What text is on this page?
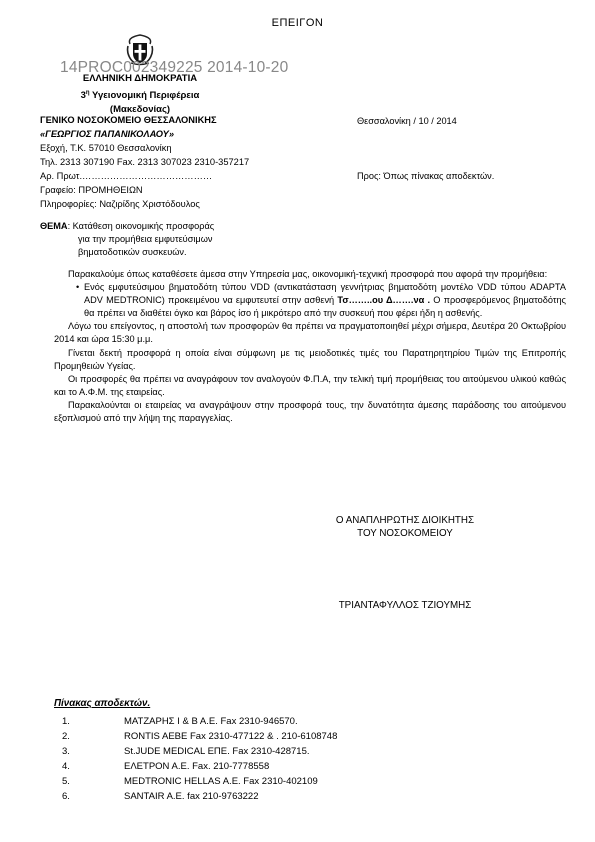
ΕΠΕΙΓΟΝ
14PROC002349225 2014-10-20
ΕΛΛΗΝΙΚΗ ΔΗΜΟΚΡΑΤΙΑ
$3^\eta$ Υγειονομική Περιφέρεια
(Μακεδονίας)
ΓΕΝΙΚΟ ΝΟΣΟΚΟΜΕΙΟ ΘΕΣΣΑΛΟΝΙΚΗΣ
«ΓΕΩΡΓΙΟΣ ΠΑΠΑΝΙΚΟΛΑΟΥ»
Εξοχή, Τ.Κ. 57010 Θεσσαλονίκη
Τηλ. 2313 307190 Fax. 2313 307023 2310-357217
Αρ. Πρωτ.……………………………………
Γραφείο: ΠΡΟΜΗΘΕΙΩΝ
Πληροφορίες: Ναζιρίδης Χριστόδουλος
Θεσσαλονίκη / 10 / 2014
Προς: Όπως πίνακας αποδεκτών.
ΘΕΜΑ: Κατάθεση οικονομικής προσφοράς
για την προμήθεια εμφυτεύσιμων
βηματοδοτικών συσκευών.

Παρακαλούμε όπως καταθέσετε άμεσα στην Υπηρεσία μας, οικονομική-τεχνική προσφορά που αφορά την προμήθεια:

• Ενός εμφυτεύσιμου βηματοδότη τύπου VDD (αντικατάσταση γεννήτριας βηματοδότη μοντέλο VDD τύπου ADAPTA ADV MEDTRONIC) προκειμένου να εμφυτευτεί στην ασθενή Τσ……..ου Δ…….να . Ο προσφερόμενος βηματοδότης θα πρέπει να διαθέτει όγκο και βάρος ίσο ή μικρότερο από την συσκευή που φέρει ήδη η ασθενής.

Λόγω του επείγοντος, η αποστολή των προσφορών θα πρέπει να πραγματοποιηθεί μέχρι σήμερα, Δευτέρα 20 Οκτωβρίου 2014 και ώρα 15:30 μ.μ.

Γίνεται δεκτή προσφορά η οποία είναι σύμφωνη με τις μειοδοτικές τιμές του Παρατηρητηρίου Τιμών της Επιτροπής Προμηθειών Υγείας.

Οι προσφορές θα πρέπει να αναγράφουν τον αναλογούν Φ.Π.Α, την τελική τιμή προμήθειας του αιτούμενου υλικού καθώς και το Α.Φ.Μ. της εταιρείας.

Παρακαλούνται οι εταιρείας να αναγράψουν στην προσφορά τους, την δυνατότητα άμεσης παράδοσης του αιτούμενου εξοπλισμού από την λήψη της παραγγελίας.

Ο ΑΝΑΠΛΗΡΩΤΗΣ ΔΙΟΙΚΗΤΗΣ
ΤΟΥ ΝΟΣΟΚΟΜΕΙΟΥ
ΤΡΙΑΝΤΑΦΥΛΛΟΣ ΤΖΙΟΥΜΗΣ
Πίνακας αποδεκτών.
1.	ΜΑΤΖΑΡΗΣ Ι & Β Α.Ε. Fax 2310-946570.
2.	RONTIS AEBE Fax 2310-477122 & . 210-6108748
3.	St.JUDE MEDICAL ΕΠΕ. Fax 2310-428715.
4.	ΕΛΕΤΡΟΝ Α.Ε. Fax. 210-7778558
5.	MEDTRONIC HELLAS A.E. Fax 2310-402109
6.	SANTAIR A.E. fax 210-9763222
